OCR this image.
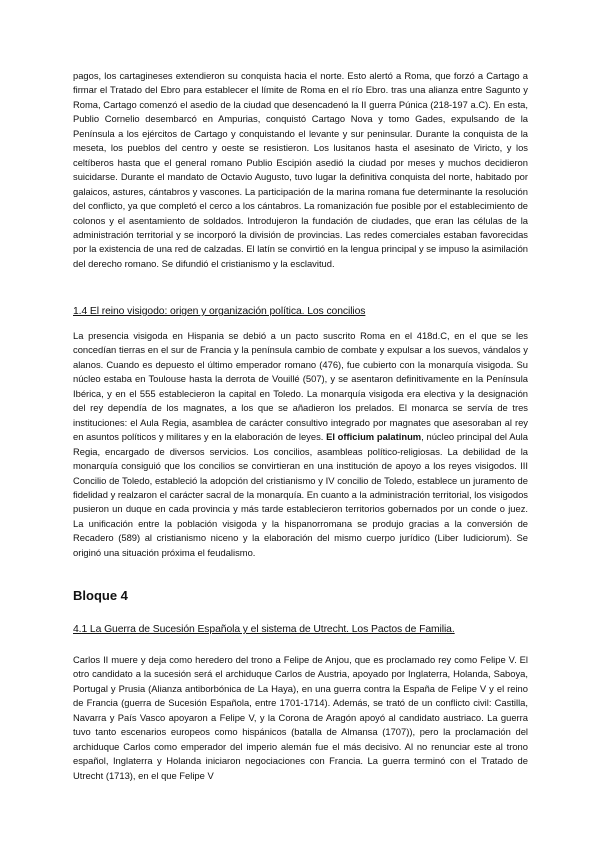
pagos, los cartagineses extendieron su conquista hacia el norte. Esto alertó a Roma, que forzó a Cartago a firmar el Tratado del Ebro para establecer el límite de Roma en el río Ebro. tras una alianza entre Sagunto y Roma, Cartago comenzó el asedio de la ciudad que desencadenó la II guerra Púnica (218-197 a.C). En esta, Publio Cornelio desembarcó en Ampurias, conquistó Cartago Nova y tomo Gades, expulsando de la Península a los ejércitos de Cartago y conquistando el levante y sur peninsular. Durante la conquista de la meseta, los pueblos del centro y oeste se resistieron. Los lusitanos hasta el asesinato de Viricto, y los celtíberos hasta que el general romano Publio Escipión asedió la ciudad por meses y muchos decidieron suicidarse. Durante el mandato de Octavio Augusto, tuvo lugar la definitiva conquista del norte, habitado por galaicos, astures, cántabros y vascones. La participación de la marina romana fue determinante la resolución del conflicto, ya que completó el cerco a los cántabros. La romanización fue posible por el establecimiento de colonos y el asentamiento de soldados. Introdujeron la fundación de ciudades, que eran las células de la administración territorial y se incorporó la división de provincias. Las redes comerciales estaban favorecidas por la existencia de una red de calzadas. El latín se convirtió en la lengua principal y se impuso la asimilación del derecho romano. Se difundió el cristianismo y la esclavitud.

1.4 El reino visigodo: origen y organización política. Los concilios

La presencia visigoda en Hispania se debió a un pacto suscrito Roma en el 418d.C, en el que se les concedían tierras en el sur de Francia y la península cambio de combate y expulsar a los suevos, vándalos y alanos. Cuando es depuesto el último emperador romano (476), fue cubierto con la monarquía visigoda. Su núcleo estaba en Toulouse hasta la derrota de Vouillé (507), y se asentaron definitivamente en la Península Ibérica, y en el 555 establecieron la capital en Toledo. La monarquía visigoda era electiva y la designación del rey dependía de los magnates, a los que se añadieron los prelados. El monarca se servía de tres instituciones: el Aula Regia, asamblea de carácter consultivo integrado por magnates que asesoraban al rey en asuntos políticos y militares y en la elaboración de leyes. El officium palatinum, núcleo principal del Aula Regia, encargado de diversos servicios. Los concilios, asambleas político-religiosas. La debilidad de la monarquía consiguió que los concilios se convirtieran en una institución de apoyo a los reyes visigodos. III Concilio de Toledo, estableció la adopción del cristianismo y IV concilio de Toledo, establece un juramento de fidelidad y realzaron el carácter sacral de la monarquía. En cuanto a la administración territorial, los visigodos pusieron un duque en cada provincia y más tarde establecieron territorios gobernados por un conde o juez. La unificación entre la población visigoda y la hispanorromana se produjo gracias a la conversión de Recadero (589) al cristianismo niceno y la elaboración del mismo cuerpo jurídico (Liber Iudiciorum). Se originó una situación próxima el feudalismo.

Bloque 4

4.1 La Guerra de Sucesión Española y el sistema de Utrecht. Los Pactos de Familia.

Carlos II muere y deja como heredero del trono a Felipe de Anjou, que es proclamado rey como Felipe V. El otro candidato a la sucesión será el archiduque Carlos de Austria, apoyado por Inglaterra, Holanda, Saboya, Portugal y Prusia (Alianza antiborbónica de La Haya), en una guerra contra la España de Felipe V y el reino de Francia (guerra de Sucesión Española, entre 1701-1714). Además, se trató de un conflicto civil: Castilla, Navarra y País Vasco apoyaron a Felipe V, y la Corona de Aragón apoyó al candidato austriaco. La guerra tuvo tanto escenarios europeos como hispánicos (batalla de Almansa (1707)), pero la proclamación del archiduque Carlos como emperador del imperio alemán fue el más decisivo. Al no renunciar este al trono español, Inglaterra y Holanda iniciaron negociaciones con Francia. La guerra terminó con el Tratado de Utrecht (1713), en el que Felipe V
